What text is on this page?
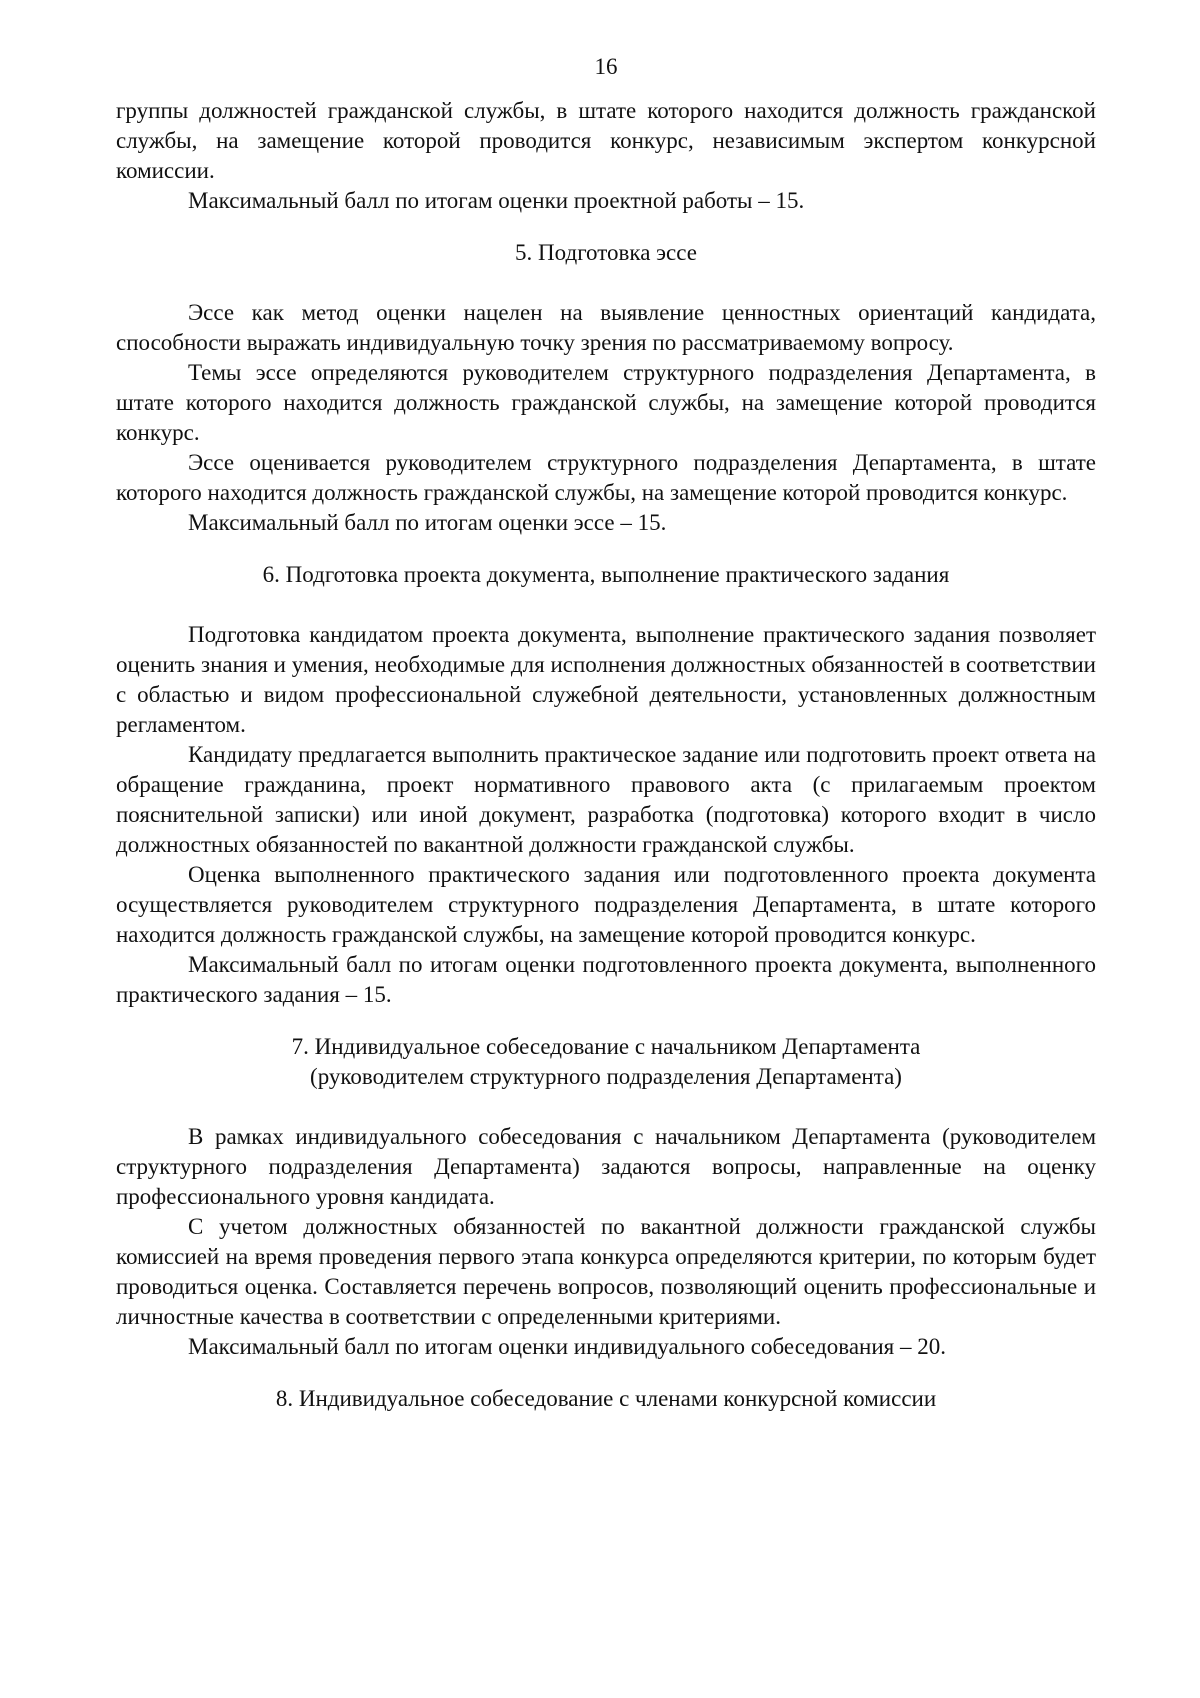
16

группы должностей гражданской службы, в штате которого находится должность гражданской службы, на замещение которой проводится конкурс, независимым экспертом конкурсной комиссии.

Максимальный балл по итогам оценки проектной работы – 15.

5. Подготовка эссе

Эссе как метод оценки нацелен на выявление ценностных ориентаций кандидата, способности выражать индивидуальную точку зрения по рассматриваемому вопросу.

Темы эссе определяются руководителем структурного подразделения Департамента, в штате которого находится должность гражданской службы, на замещение которой проводится конкурс.

Эссе оценивается руководителем структурного подразделения Департамента, в штате которого находится должность гражданской службы, на замещение которой проводится конкурс.

Максимальный балл по итогам оценки эссе – 15.

6. Подготовка проекта документа, выполнение практического задания

Подготовка кандидатом проекта документа, выполнение практического задания позволяет оценить знания и умения, необходимые для исполнения должностных обязанностей в соответствии с областью и видом профессиональной служебной деятельности, установленных должностным регламентом.

Кандидату предлагается выполнить практическое задание или подготовить проект ответа на обращение гражданина, проект нормативного правового акта (с прилагаемым проектом пояснительной записки) или иной документ, разработка (подготовка) которого входит в число должностных обязанностей по вакантной должности гражданской службы.

Оценка выполненного практического задания или подготовленного проекта документа осуществляется руководителем структурного подразделения Департамента, в штате которого находится должность гражданской службы, на замещение которой проводится конкурс.

Максимальный балл по итогам оценки подготовленного проекта документа, выполненного практического задания – 15.

7. Индивидуальное собеседование с начальником Департамента
(руководителем структурного подразделения Департамента)

В рамках индивидуального собеседования с начальником Департамента (руководителем структурного подразделения Департамента) задаются вопросы, направленные на оценку профессионального уровня кандидата.

С учетом должностных обязанностей по вакантной должности гражданской службы комиссией на время проведения первого этапа конкурса определяются критерии, по которым будет проводиться оценка. Составляется перечень вопросов, позволяющий оценить профессиональные и личностные качества в соответствии с определенными критериями.

Максимальный балл по итогам оценки индивидуального собеседования – 20.

8. Индивидуальное собеседование с членами конкурсной комиссии
